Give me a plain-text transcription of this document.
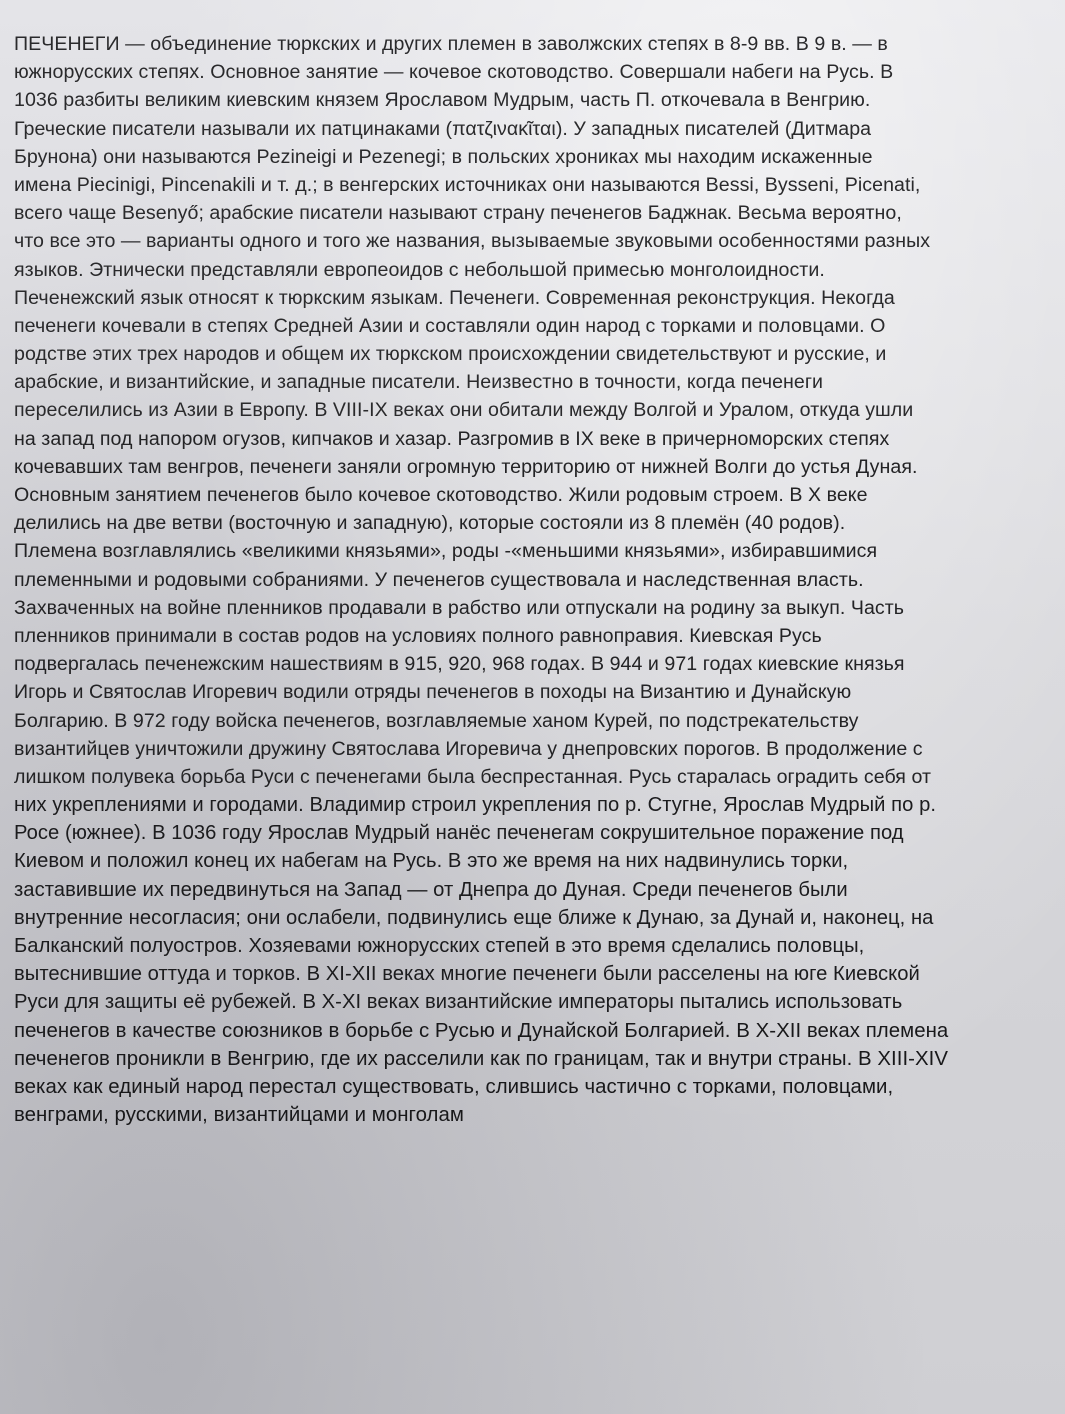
ПЕЧЕНЕГИ — объединение тюркских и других племен в заволжских степях в 8-9 вв. В 9 в. — в
южнорусских степях. Основное занятие — кочевое скотоводство. Совершали набеги на Русь. В
1036 разбиты великим киевским князем Ярославом Мудрым, часть П. откочевала в Венгрию.
Греческие писатели называли их патцинаками (πατζινακῖται). У западных писателей (Дитмара
Брунона) они называются Pezineigi и Pezenegi; в польских хрониках мы находим искаженные
имена Piecinigi, Pincenakili и т. д.; в венгерских источниках они называются Bessi, Bysseni, Picenati,
всего чаще Besenyő; арабские писатели называют страну печенегов Баджнак. Весьма вероятно,
что все это — варианты одного и того же названия, вызываемые звуковыми особенностями разных
языков. Этнически представляли европеоидов с небольшой примесью монголоидности.
Печенежский язык относят к тюркским языкам. Печенеги. Современная реконструкция. Некогда
печенеги кочевали в степях Средней Азии и составляли один народ с торками и половцами. О
родстве этих трех народов и общем их тюркском происхождении свидетельствуют и русские, и
арабские, и византийские, и западные писатели. Неизвестно в точности, когда печенеги
переселились из Азии в Европу. В VIII-IX веках они обитали между Волгой и Уралом, откуда ушли
на запад под напором огузов, кипчаков и хазар. Разгромив в IX веке в причерноморских степях
кочевавших там венгров, печенеги заняли огромную территорию от нижней Волги до устья Дуная.
Основным занятием печенегов было кочевое скотоводство. Жили родовым строем. В X веке
делились на две ветви (восточную и западную), которые состояли из 8 племён (40 родов).
Племена возглавлялись «великими князьями», роды -«меньшими князьями», избиравшимися
племенными и родовыми собраниями. У печенегов существовала и наследственная власть.
Захваченных на войне пленников продавали в рабство или отпускали на родину за выкуп. Часть
пленников принимали в состав родов на условиях полного равноправия. Киевская Русь
подвергалась печенежским нашествиям в 915, 920, 968 годах. В 944 и 971 годах киевские князья
Игорь и Святослав Игоревич водили отряды печенегов в походы на Византию и Дунайскую
Болгарию. В 972 году войска печенегов, возглавляемые ханом Курей, по подстрекательству
византийцев уничтожили дружину Святослава Игоревича у днепровских порогов. В продолжение с
лишком полувека борьба Руси с печенегами была беспрестанная. Русь старалась оградить себя от
них укреплениями и городами. Владимир строил укрепления по р. Стугне, Ярослав Мудрый по р.
Росе (южнее). В 1036 году Ярослав Мудрый нанёс печенегам сокрушительное поражение под
Киевом и положил конец их набегам на Русь. В это же время на них надвинулись торки,
заставившие их передвинуться на Запад — от Днепра до Дуная. Среди печенегов были
внутренние несогласия; они ослабели, подвинулись еще ближе к Дунаю, за Дунай и, наконец, на
Балканский полуостров. Хозяевами южнорусских степей в это время сделались половцы,
вытеснившие оттуда и торков. В XI-XII веках многие печенеги были расселены на юге Киевской
Руси для защиты её рубежей. В X-XI веках византийские императоры пытались использовать
печенегов в качестве союзников в борьбе с Русью и Дунайской Болгарией. В X-XII веках племена
печенегов проникли в Венгрию, где их расселили как по границам, так и внутри страны. В XIII-XIV
веках как единый народ перестал существовать, слившись частично с торками, половцами,
венграми, русскими, византийцами и монголам
